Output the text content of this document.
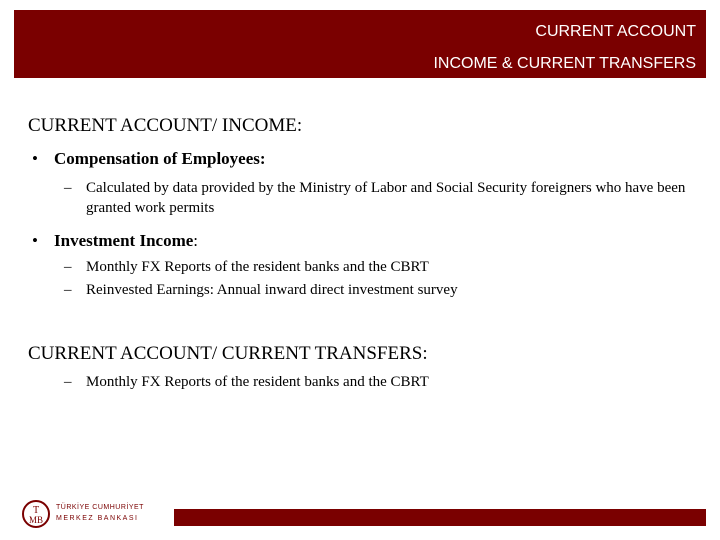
CURRENT ACCOUNT
INCOME & CURRENT TRANSFERS
CURRENT ACCOUNT/ INCOME:
• Compensation of Employees:
– Calculated by data provided by the Ministry of Labor and Social Security foreigners who have been granted work permits
• Investment Income:
– Monthly FX Reports of the resident banks and the CBRT
– Reinvested Earnings: Annual inward direct investment survey
CURRENT ACCOUNT/ CURRENT TRANSFERS:
– Monthly FX Reports of the resident banks and the CBRT
T
MB
TÜRKİYE CUMHURİYET
MERKEZ BANKASI
